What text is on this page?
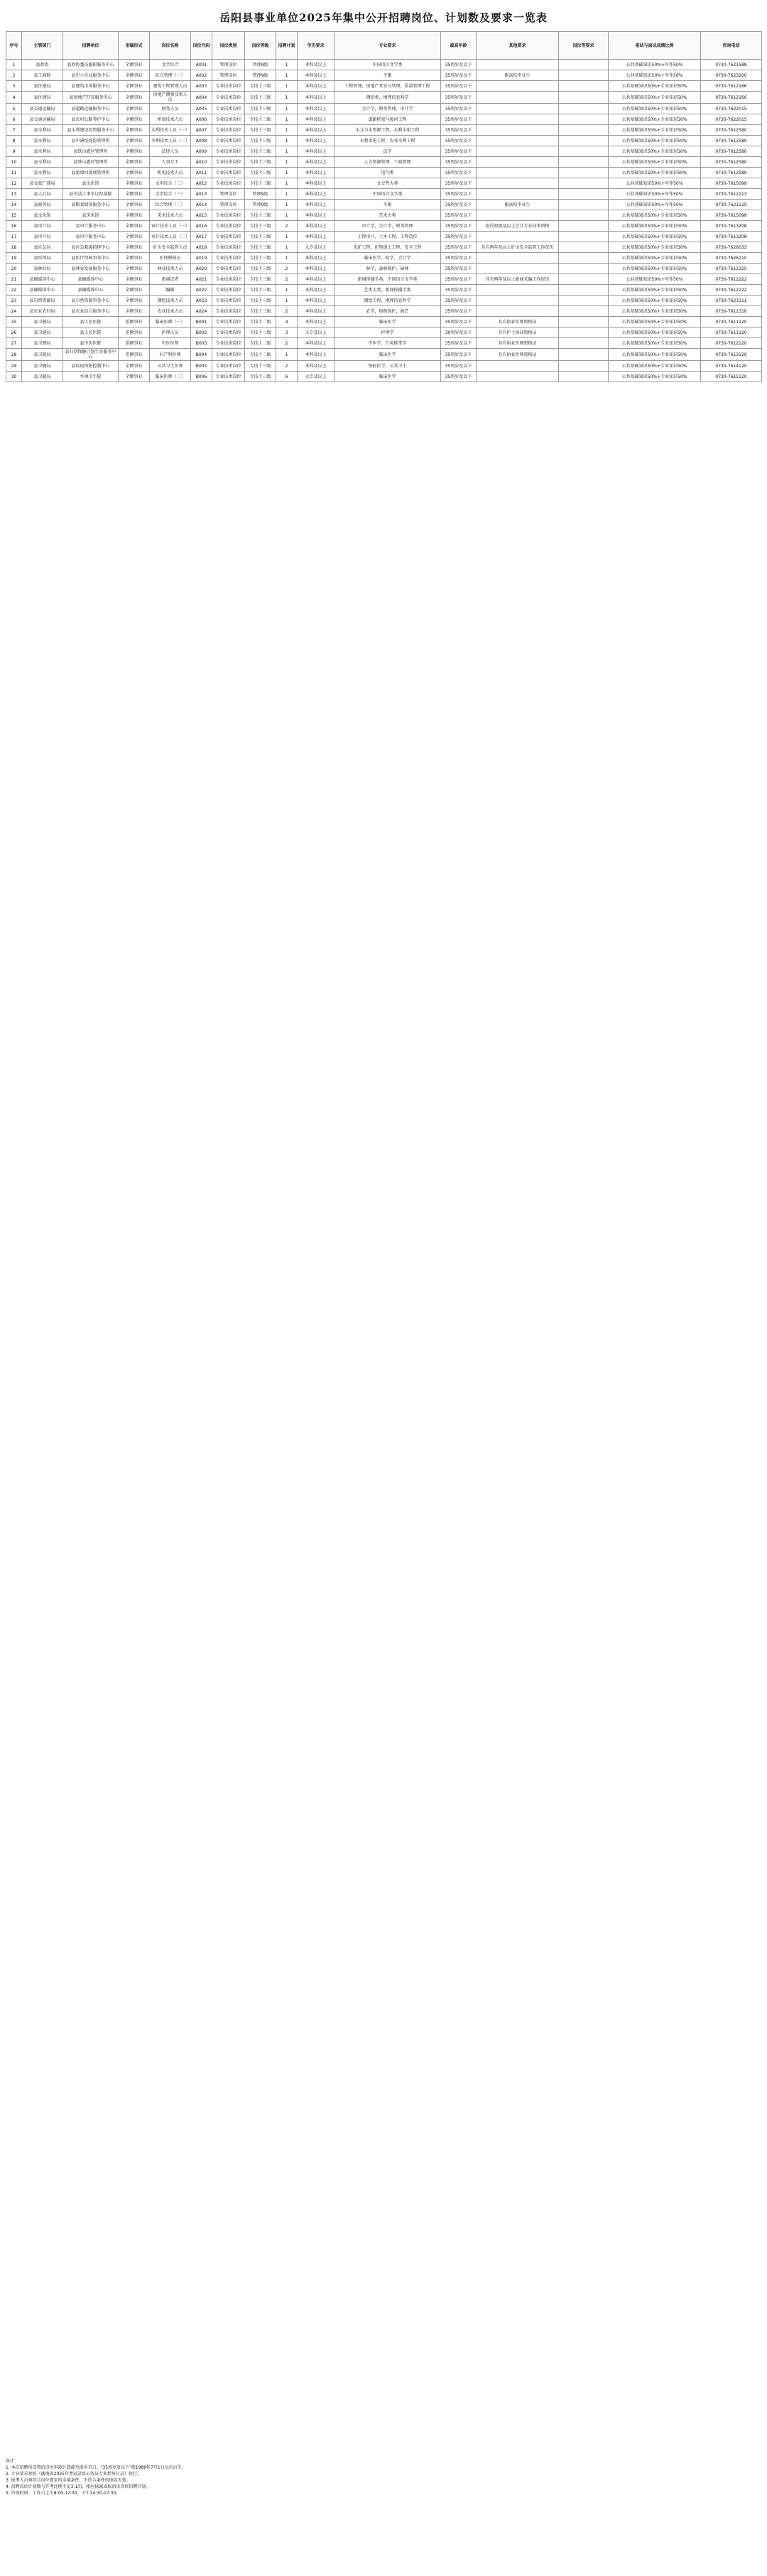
岳阳县事业单位2025年集中公开招聘岗位、计划数及要求一览表
序号	主管部门	招聘单位	用编形式	岗位名称	岗位代码	岗位类别	岗位等级	招聘计划	学历要求	专业要求	最高年龄	其他要求	岗位等要求	笔试与面试成绩比例	咨询电话
1	县政协	县政协委员履职服务中心	全额事业	文字综合	A001	管理岗位	管理9级	1	本科及以上	中国语言文学类	35周岁及以下			公共基础知识50%+写作50%	0730-7621588
2	县工商联	县中小企业服务中心	全额事业	综合管理（一）	A002	管理岗位	管理9级	1	本科及以上	不限	35周岁及以下	限高校毕业生		公共基础知识50%+写作50%	0730-7623200
3	县住建局	县建筑市场服务中心	全额事业	建筑工程管理人员	A003	专业技术岗位	专技十三级	1	本科及以上	工程管理，房地产开发与管理，质量管理工程	35周岁及以下			公共基础知识50%+专业知识50%	0730-7612166
4	县住建局	县房地产开发服务中心	全额事业	房地产测量技术人员	A004	专业技术岗位	专技十三级	1	本科及以上	测绘类，地理信息科学	35周岁及以下			公共基础知识50%+专业知识50%	0730-7612166
5	县交通运输局	县道路运输服务中心	全额事业	财务人员	A005	专业技术岗位	专技十三级	1	本科及以上	会计学，财务管理，审计学	35周岁及以下			公共基础知识50%+专业知识50%	0730-7622015
6	县交通运输局	县农村公路养护中心	全额事业	桥梁技术人员	A006	专业技术岗位	专技十三级	1	本科及以上	道路桥梁与渡河工程	35周岁及以下			公共基础知识50%+专业知识50%	0730-7622015
7	县水利局	县水利建设投资服务中心	全额事业	水利技术人员（一）	A007	专业技术岗位	专技十三级	1	本科及以上	水文与水资源工程，水利水电工程	35周岁及以下			公共基础知识50%+专业知识50%	0730-7612580
8	县水利局	县中洲垸堤防管理所	全额事业	水利技术人员（二）	A008	专业技术岗位	专技十三级	1	本科及以上	水利水电工程，农业水利工程	35周岁及以下			公共基础知识50%+专业知识50%	0730-7612580
9	县水利局	县铁山灌区管理所	全额事业	法律人员	A009	专业技术岗位	专技十三级	1	本科及以上	法学	35周岁及以下			公共基础知识50%+专业知识50%	0730-7612580
10	县水利局	县铁山灌区管理所	全额事业	人事专干	A010	专业技术岗位	专技十三级	1	本科及以上	人力资源管理，工商管理	35周岁及以下			公共基础知识50%+专业知识50%	0730-7612580
11	县水利局	县新墙河流域管理所	全额事业	机电技术人员	A011	专业技术岗位	专技十三级	1	本科及以上	电气类	35周岁及以下			公共基础知识50%+专业知识50%	0730-7612580
12	县文旅广体局	县文化馆	全额事业	文字综合（二）	A012	专业技术岗位	专技十三级	1	本科及以上	文史哲大类	35周岁及以下			公共基础知识50%+写作50%	0730-7615099
13	县人社局	县劳动人事争议仲裁院	全额事业	文字综合（三）	A013	管理岗位	管理9级	1	本科及以上	中国语言文学类	35周岁及以下			公共基础知识50%+写作50%	0730-7612213
14	县商务局	县粮食储备服务中心	全额事业	综合管理（二）	A014	管理岗位	管理9级	1	本科及以上	不限	35周岁及以下	限高校毕业生		公共基础知识50%+写作50%	0730-7621120
15	县文化馆	县美术馆	全额事业	美术技术人员	A015	专业技术岗位	专技十三级	1	本科及以上	艺术大类	35周岁及以下			公共基础知识50%+专业知识50%	0730-7615099
16	县审计局	县审计服务中心	全额事业	审计技术人员（一）	A016	专业技术岗位	专技十三级	2	本科及以上	审计学，会计学，财务管理	35周岁及以下	取得初级及以上会计专业技术资格		公共基础知识50%+专业知识50%	0730-7613208
17	县审计局	县审计服务中心	全额事业	审计技术人员（二）	A017	专业技术岗位	专技十三级	1	本科及以上	工程审计，土木工程，工程造价	35周岁及以下			公共基础知识50%+专业知识50%	0730-7613208
18	县应急局	县应急救援指挥中心	全额事业	矿山安全监管人员	A018	专业技术岗位	专技十三级	1	大专及以上	采矿工程，矿物加工工程，安全工程	35周岁及以下	具有两年及以上矿山安全监管工作经历		公共基础知识50%+专业知识50%	0730-7626033
19	县医保局	县医疗保障事务中心	全额事业	医保稽核员	A019	专业技术岗位	专技十三级	1	本科及以上	临床医学，药学，会计学	35周岁及以下			公共基础知识50%+专业知识50%	0730-7626210
20	县林业局	县林业发展服务中心	全额事业	林业技术人员	A020	专业技术岗位	专技十三级	2	本科及以上	林学，森林保护，园林	35周岁及以下			公共基础知识50%+专业知识50%	0730-7612325
21	县融媒体中心	县融媒体中心	全额事业	新闻记者	A021	专业技术岗位	专技十三级	2	本科及以上	新闻传播学类，中国语言文学类	35周岁及以下	具有两年及以上新闻采编工作经历		公共基础知识50%+写作50%	0730-7612222
22	县融媒体中心	县融媒体中心	全额事业	编辑	A022	专业技术岗位	专技十三级	1	本科及以上	艺术大类，新闻传播学类	35周岁及以下			公共基础知识50%+专业知识50%	0730-7612222
23	县自然资源局	县自然资源事务中心	全额事业	测绘技术人员	A023	专业技术岗位	专技十三级	1	本科及以上	测绘工程，地理信息科学	35周岁及以下			公共基础知识50%+专业知识50%	0730-7623311
24	县农业农村局	县农业综合服务中心	全额事业	农业技术人员	A024	专业技术岗位	专技十三级	2	本科及以上	农学，植物保护，园艺	35周岁及以下			公共基础知识50%+专业知识50%	0730-7612316
25	县卫健局	县人民医院	差额事业	临床医师（一）	B001	专业技术岗位	专技十二级	4	本科及以上	临床医学	35周岁及以下	具有执业医师资格证		公共基础知识50%+专业知识50%	0730-7611120
26	县卫健局	县人民医院	差额事业	护理人员	B002	专业技术岗位	专技十三级	3	大专及以上	护理学	30周岁及以下	具有护士执业资格证		公共基础知识50%+专业知识50%	0730-7611120
27	县卫健局	县中医医院	差额事业	中医医师	B003	专业技术岗位	专技十二级	2	本科及以上	中医学，针灸推拿学	35周岁及以下	具有执业医师资格证		公共基础知识50%+专业知识50%	0730-7612120
28	县卫健局	县妇幼保健计划生育服务中心	差额事业	妇产科医师	B004	专业技术岗位	专技十二级	1	本科及以上	临床医学	35周岁及以下	具有执业医师资格证		公共基础知识50%+专业知识50%	0730-7613120
29	县卫健局	县疾病预防控制中心	全额事业	公共卫生医师	B005	专业技术岗位	专技十三级	2	本科及以上	预防医学，公共卫生	35周岁及以下			公共基础知识50%+专业知识50%	0730-7614120
30	县卫健局	乡镇卫生院	全额事业	临床医师（二）	B006	专业技术岗位	专技十三级	6	大专及以上	临床医学	35周岁及以下			公共基础知识50%+专业知识50%	0730-7615120
备注：
1. 本次招聘所设置的岗位年龄计算截至报名首日，"35周岁及以下"指1989年7月1日以后出生。
2. 专业要求参照《湖南省2025年考试录用公务员专业指导目录》执行。
3. 报考人员须符合岗位要求的全部条件，不符合条件的报名无效。
4. 招聘岗位计划数与开考比例不足3:1的，相应核减或取消该岗位招聘计划。
5. 咨询时间：工作日上午8:00-12:00，下午14:30-17:30。
